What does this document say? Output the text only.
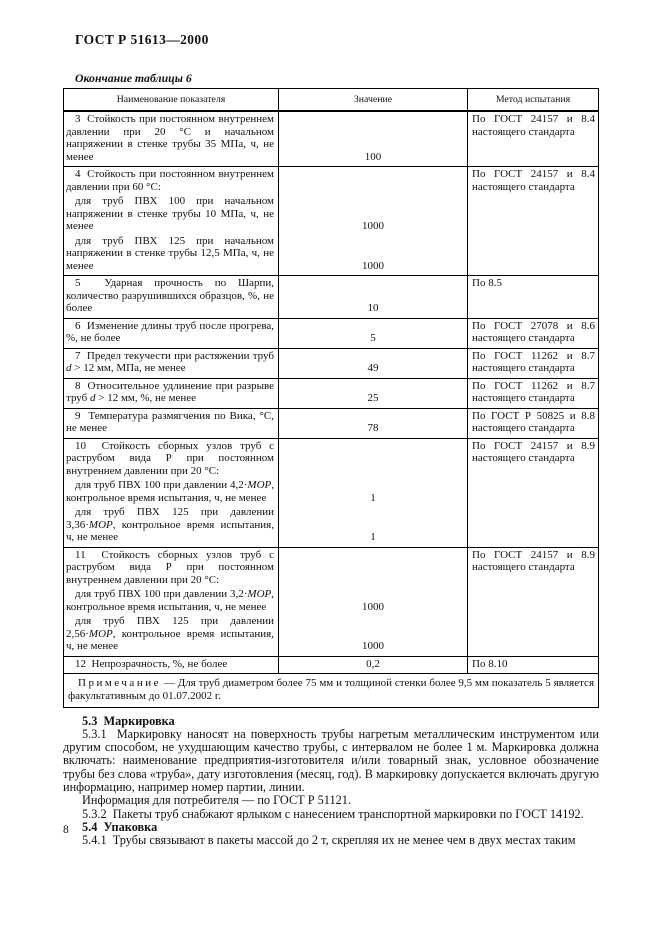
ГОСТ Р 51613—2000
Окончание таблицы 6
Наименование показателя	Значение	Метод испытания
3  Стойкость при постоянном внутреннем давлении при 20 °С и начальном напряжении в стенке трубы 35 МПа, ч, не менее	100
По ГОСТ 24157 и 8.4 настоящего стандарта
4  Стойкость при постоянном внутреннем давлении при 60 °С:
для труб ПВХ 100 при начальном напряжении в стенке трубы 10 МПа, ч, не менее	1000
для труб ПВХ 125 при начальном напряжении в стенке трубы 12,5 МПа, ч, не менее	1000
По ГОСТ 24157 и 8.4 настоящего стандарта
5  Ударная прочность по Шарпи, количество разрушившихся образцов, %, не более	10
По 8.5
6  Изменение длины труб после прогрева, %, не более	5
По ГОСТ 27078 и 8.6 настоящего стандарта
7  Предел текучести при растяжении труб d > 12 мм, МПа, не менее	49
По ГОСТ 11262 и 8.7 настоящего стандарта
8  Относительное удлинение при разрыве труб d > 12 мм, %, не менее	25
По ГОСТ 11262 и 8.7 настоящего стандарта
9  Температура размягчения по Вика, °С, не менее	78
По ГОСТ Р 50825 и 8.8 настоящего стандарта
10  Стойкость сборных узлов труб с раструбом вида Р при постоянном внутреннем давлении при 20 °С:
для труб ПВХ 100 при давлении 4,2·МОР, контрольное время испытания, ч, не менее	1
для труб ПВХ 125 при давлении 3,36·МОР, контрольное время испытания, ч, не менее	1
По ГОСТ 24157 и 8.9 настоящего стандарта
11  Стойкость сборных узлов труб с раструбом вида Р при постоянном внутреннем давлении при 20 °С:
для труб ПВХ 100 при давлении 3,2·МОР, контрольное время испытания, ч, не менее	1000
для труб ПВХ 125 при давлении 2,56·МОР, контрольное время испытания, ч, не менее	1000
По ГОСТ 24157 и 8.9 настоящего стандарта
12  Непрозрачность, %, не более	0,2	По 8.10
Примечание — Для труб диаметром более 75 мм и толщиной стенки более 9,5 мм показатель 5 является факультативным до 01.07.2002 г.
5.3  Маркировка

5.3.1  Маркировку наносят на поверхность трубы нагретым металлическим инструментом или другим способом, не ухудшающим качество трубы, с интервалом не более 1 м. Маркировка должна включать: наименование предприятия-изготовителя и/или товарный знак, условное обозначение трубы без слова «труба», дату изготовления (месяц, год). В маркировку допускается включать другую информацию, например номер партии, линии.

Информация для потребителя — по ГОСТ Р 51121.

5.3.2  Пакеты труб снабжают ярлыком с нанесением транспортной маркировки по ГОСТ 14192.

5.4  Упаковка

5.4.1  Трубы связывают в пакеты массой до 2 т, скрепляя их не менее чем в двух местах таким

8
